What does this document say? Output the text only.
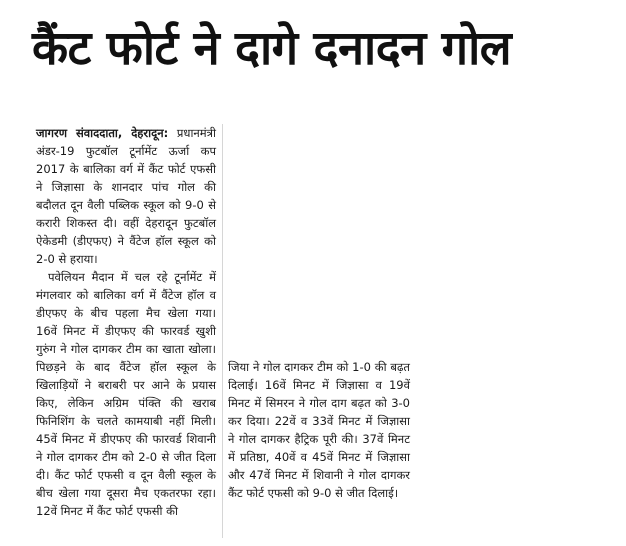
कैंट फोर्ट ने दागे दनादन गोल

जागरण संवाददाता, देहरादून: प्रधानमंत्री अंडर-19 फुटबॉल टूर्नामेंट ऊर्जा कप 2017 के बालिका वर्ग में कैंट फोर्ट एफसी ने जिज्ञासा के शानदार पांच गोल की बदौलत दून वैली पब्लिक स्कूल को 9-0 से करारी शिकस्त दी। वहीं देहरादून फुटबॉल ऐकेडमी (डीएफए) ने वैंटेज हॉल स्कूल को 2-0 से हराया।

पवेलियन मैदान में चल रहे टूर्नामेंट में मंगलवार को बालिका वर्ग में वैंटेज हॉल व डीएफए के बीच पहला मैच खेला गया। 16वें मिनट में डीएफए की फारवर्ड खुशी गुरुंग ने गोल दागकर टीम का खाता खोला। पिछड़ने के बाद वैंटेज हॉल स्कूल के खिलाड़ियों ने बराबरी पर आने के प्रयास किए, लेकिन अग्रिम पंक्ति की खराब फिनिशिंग के चलते कामयाबी नहीं मिली। 45वें मिनट में डीएफए की फारवर्ड शिवानी ने गोल दागकर टीम को 2-0 से जीत दिला दी। कैंट फोर्ट एफसी व दून वैली स्कूल के बीच खेला गया दूसरा मैच एकतरफा रहा। 12वें मिनट में कैंट फोर्ट एफसी की

जिया ने गोल दागकर टीम को 1-0 की बढ़त दिलाई। 16वें मिनट में जिज्ञासा व 19वें मिनट में सिमरन ने गोल दाग बढ़त को 3-0 कर दिया। 22वें व 33वें मिनट में जिज्ञासा ने गोल दागकर हैट्रिक पूरी की। 37वें मिनट में प्रतिष्ठा, 40वें व 45वें मिनट में जिज्ञासा और 47वें मिनट में शिवानी ने गोल दागकर कैंट फोर्ट एफसी को 9-0 से जीत दिलाई।
